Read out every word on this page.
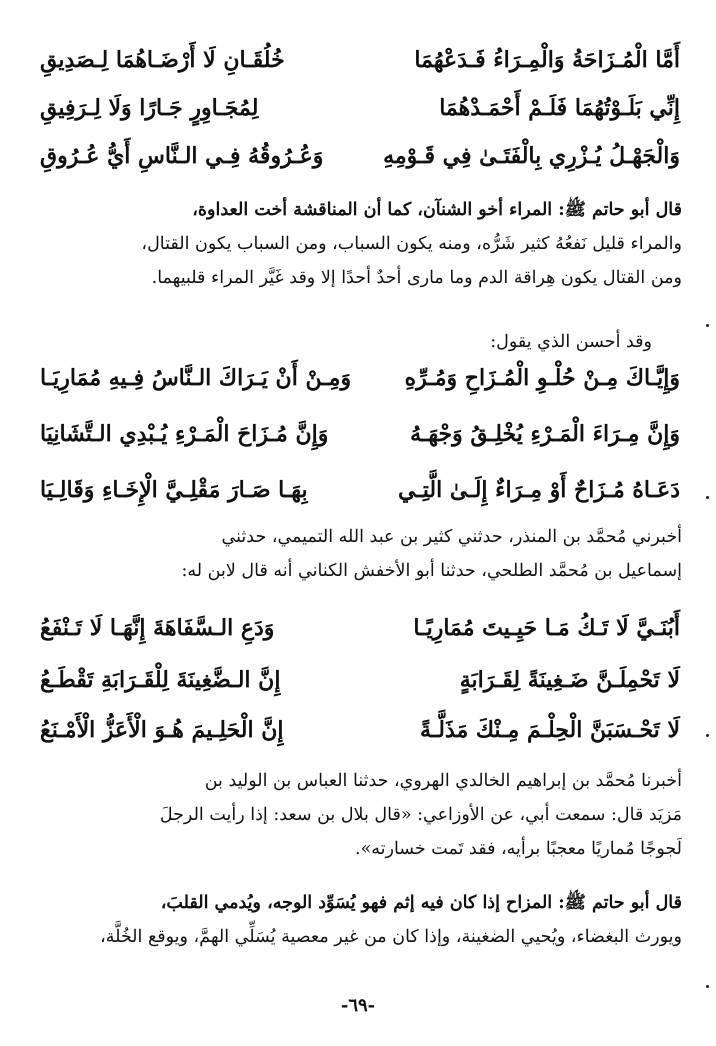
أَمَّا الْمُـزَاحَةُ وَالْمِـرَاءُ فَـدَعْهُمَا
خُلُقَـانِ لَا أَرْضَـاهُمَا لِـصَدِيقِ
إِنِّي بَلَـوْتُهُمَا فَلَـمْ أَحْمَـدْهُمَا
لِمُجَـاوِرٍ جَـارًا وَلَا لِـرَفِيقِ
وَالْجَهْـلُ يُـزْرِي بِالْفَتَـىٰ فِي قَـوْمِهِ
وَعُـرُوقُهُ فِـي الـنَّاسِ أَيُّ عُـرُوقِ
قال أبو حاتم ﷺ: المراء أخو الشنآن، كما أن المناقشة أخت العداوة،
والمراء قليل نَفعُهُ كثير شَرُّه، ومنه يكون السباب، ومن السباب يكون القتال،
ومن القتال يكون هِراقة الدم وما مارى أحدٌ أحدًا إلا وقد غَيَّر المراء قلبيهما.
وقد أحسن الذي يقول:
وَإِيَّـاكَ مِـنْ حُلْـوِ الْمُـزَاحِ وَمُـرِّهِ
وَمِـنْ أَنْ يَـرَاكَ الـنَّاسُ فِـيهِ مُمَارِيَـا
وَإِنَّ مِـرَاءَ الْمَـرْءِ يُخْلِـقُ وَجْهَـهُ
وَإِنَّ مُـزَاحَ الْمَـرْءِ يُـبْدِي الـتَّشَانِيَا
دَعَـاهُ مُـزَاحٌ أَوْ مِـرَاءٌ إِلَـىٰ الَّتِـي
بِهَـا صَـارَ مَقْلِـيَّ الْإِخَـاءِ وَقَالِـيَا
أخبرني مُحمَّد بن المنذر، حدثني كثير بن عبد الله التميمي، حدثني
إسماعيل بن مُحمَّد الطلحي، حدثنا أبو الأخفش الكناني أنه قال لابن له:
أَبُنَـيَّ لَا تَـكُ مَـا حَيِـيتَ مُمَارِيًـا
وَدَعِ الـسَّفَاهَةَ إِنَّهَـا لَا تَـنْفَعُ
لَا تَحْمِلَـنَّ ضَـغِينَةً لِقَـرَابَةٍ
إِنَّ الـضَّغِينَةَ لِلْقَـرَابَةِ تَقْطَـعُ
لَا تَحْـسَبَنَّ الْحِلْـمَ مِـنْكَ مَذَلَّـةً
إِنَّ الْحَلِـيمَ هُـوَ الْأَعَزُّ الْأَمْـنَعُ
أخبرنا مُحمَّد بن إبراهيم الخالدي الهروي، حدثنا العباس بن الوليد بن
مَزيَد قال: سمعت أبي، عن الأوزاعي: «قال بلال بن سعد: إذا رأيت الرجلَ
لَجوجًا مُماريًا معجبًا برأيه، فقد تَمت خسارته».
قال أبو حاتم ﷺ: المزاح إذا كان فيه إثم فهو يُسَوِّد الوجه، ويُدمي القلبَ،
ويورث البغضاء، ويُحيي الضغينة، وإذا كان من غير معصية يُسَلِّي الهمَّ، ويوقع الخُلَّة،
-٦٩-
